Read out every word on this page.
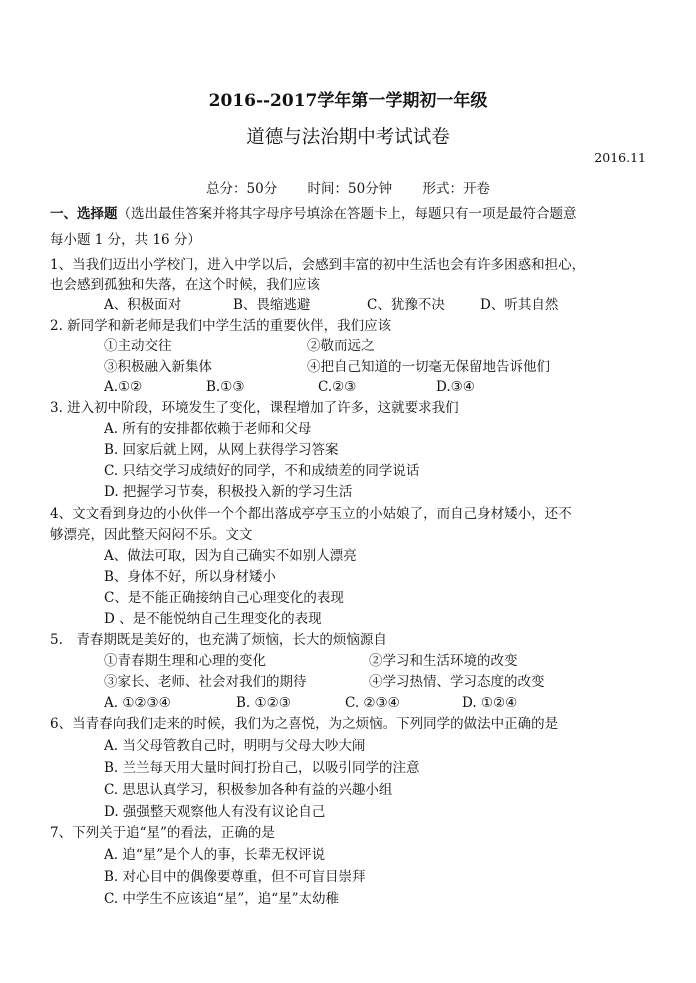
2016--2017学年第一学期初一年级
道德与法治期中考试试卷
2016.11
总分：50分 时间：50分钟 形式：开卷
一、选择题（选出最佳答案并将其字母序号填涂在答题卡上，每题只有一项是最符合题意
每小题 1 分，共 16 分）
1、当我们迈出小学校门，进入中学以后，会感到丰富的初中生活也会有许多困惑和担心，
也会感到孤独和失落，在这个时候，我们应该
A、积极面对	B、畏缩逃避	C、犹豫不决	D、听其自然
2. 新同学和新老师是我们中学生活的重要伙伴，我们应该
①主动交往	②敬而远之
③积极融入新集体	④把自己知道的一切毫无保留地告诉他们
A.①②	B.①③	C.②③	D.③④
3. 进入初中阶段，环境发生了变化，课程增加了许多，这就要求我们
A. 所有的安排都依赖于老师和父母
B. 回家后就上网，从网上获得学习答案
C. 只结交学习成绩好的同学，不和成绩差的同学说话
D. 把握学习节奏，积极投入新的学习生活
4、文文看到身边的小伙伴一个个都出落成亭亭玉立的小姑娘了，而自己身材矮小，还不
够漂亮，因此整天闷闷不乐。文文
A、做法可取，因为自己确实不如别人漂亮
B、身体不好，所以身材矮小
C、是不能正确接纳自己心理变化的表现
D 、是不能悦纳自己生理变化的表现
5.　青春期既是美好的，也充满了烦恼，长大的烦恼源自
①青春期生理和心理的变化	②学习和生活环境的改变
③家长、老师、社会对我们的期待	④学习热情、学习态度的改变
A. ①②③④	B. ①②③	C. ②③④	D. ①②④
6、当青春向我们走来的时候，我们为之喜悦，为之烦恼。下列同学的做法中正确的是
A. 当父母管教自己时，明明与父母大吵大闹
B. 兰兰每天用大量时间打扮自己，以吸引同学的注意
C. 思思认真学习，积极参加各种有益的兴趣小组
D. 强强整天观察他人有没有议论自己
7、下列关于追“星”的看法，正确的是
A. 追“星”是个人的事，长辈无权评说
B. 对心目中的偶像要尊重，但不可盲目崇拜
C. 中学生不应该追“星”，追“星”太幼稚
